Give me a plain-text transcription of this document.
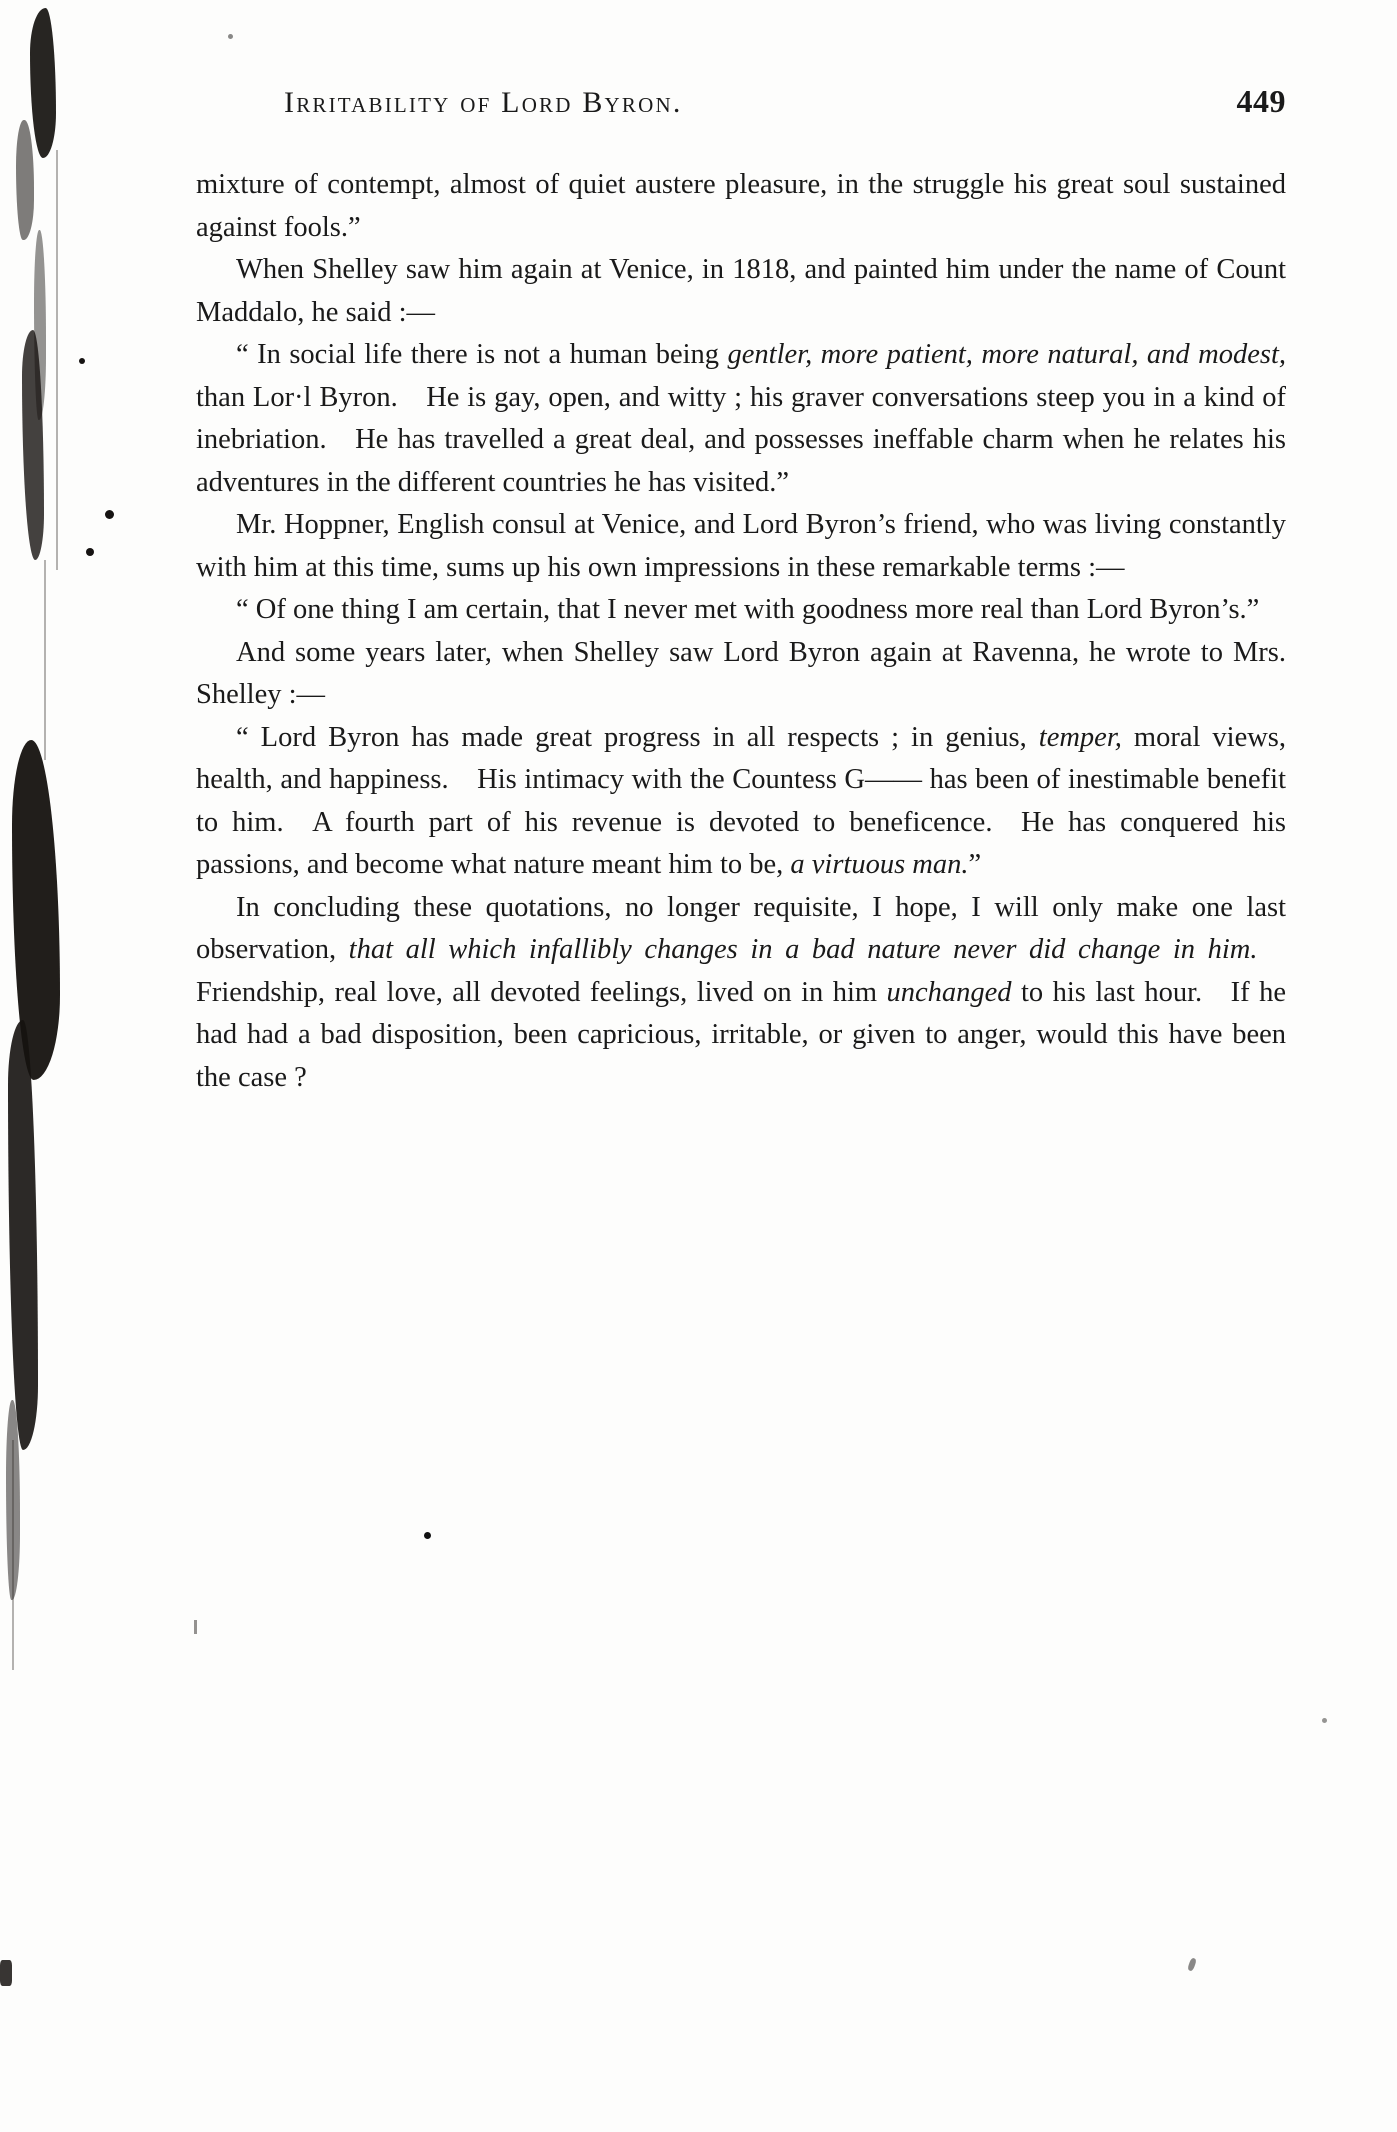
Irritability of Lord Byron.	449

mixture of contempt, almost of quiet austere pleasure, in the struggle his great soul sustained against fools.”

When Shelley saw him again at Venice, in 1818, and painted him under the name of Count Maddalo, he said :—

“ In social life there is not a human being gentler, more patient, more natural, and modest, than Lor·l Byron. He is gay, open, and witty ; his graver conversations steep you in a kind of inebriation. He has travelled a great deal, and possesses ineffable charm when he relates his adventures in the different countries he has visited.”

Mr. Hoppner, English consul at Venice, and Lord Byron’s friend, who was living constantly with him at this time, sums up his own impressions in these remarkable terms :—

“ Of one thing I am certain, that I never met with goodness more real than Lord Byron’s.”

And some years later, when Shelley saw Lord Byron again at Ravenna, he wrote to Mrs. Shelley :—

“ Lord Byron has made great progress in all respects ; in genius, temper, moral views, health, and happiness. His intimacy with the Countess G—— has been of inestimable benefit to him. A fourth part of his revenue is devoted to beneficence. He has conquered his passions, and become what nature meant him to be, a virtuous man.”

In concluding these quotations, no longer requisite, I hope, I will only make one last observation, that all which infallibly changes in a bad nature never did change in him. Friendship, real love, all devoted feelings, lived on in him unchanged to his last hour. If he had had a bad disposition, been capricious, irritable, or given to anger, would this have been the case ?
